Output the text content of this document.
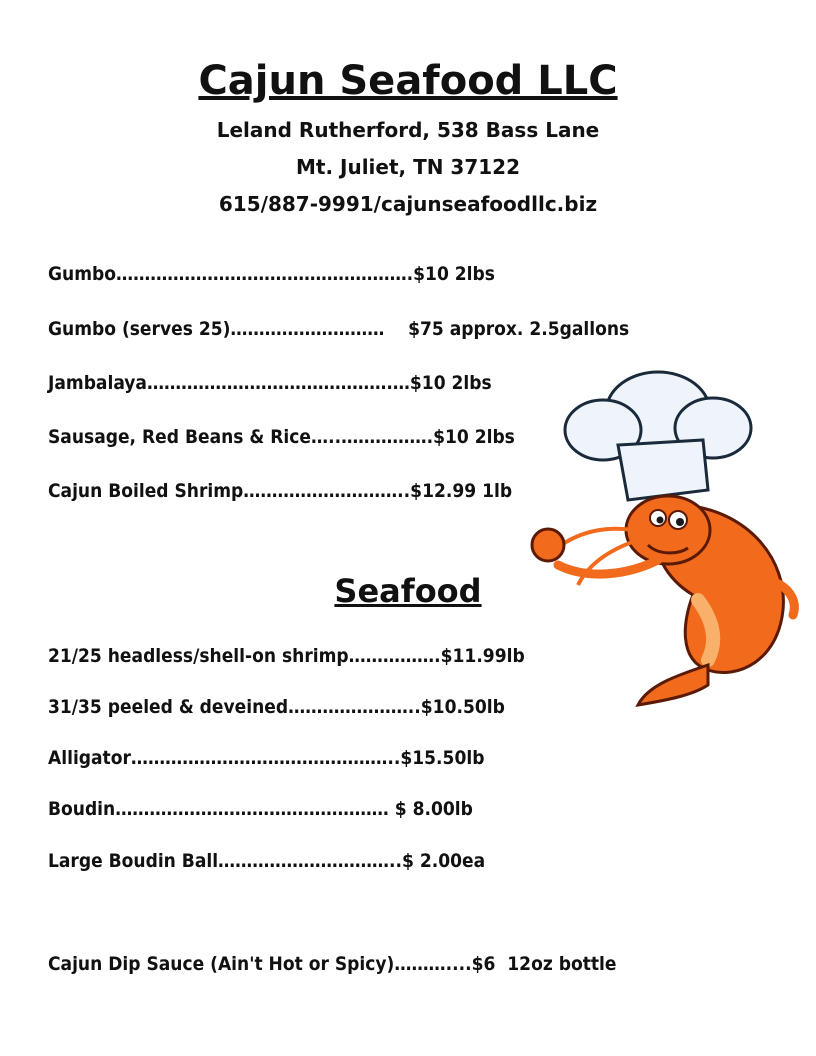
Cajun Seafood LLC
Leland Rutherford, 538 Bass Lane
Mt. Juliet, TN 37122
615/887-9991/cajunseafoodllc.biz
Gumbo…………………………………………….$10 2lbs
Gumbo (serves 25)………………………    $75 approx. 2.5gallons
Jambalaya…………………………………….…$10 2lbs
Sausage, Red Beans & Rice…..…………….$10 2lbs
Cajun Boiled Shrimp………………………..$12.99 1lb
Seafood
21/25 headless/shell-on shrimp…………….$11.99lb
31/35 peeled & deveined…………………..$10.50lb
Alligator………………………………………..$15.50lb
Boudin………………………………………… $ 8.00lb
Large Boudin Ball…………………………..$ 2.00ea
Cajun Dip Sauce (Ain't Hot or Spicy)………....$6  12oz bottle
